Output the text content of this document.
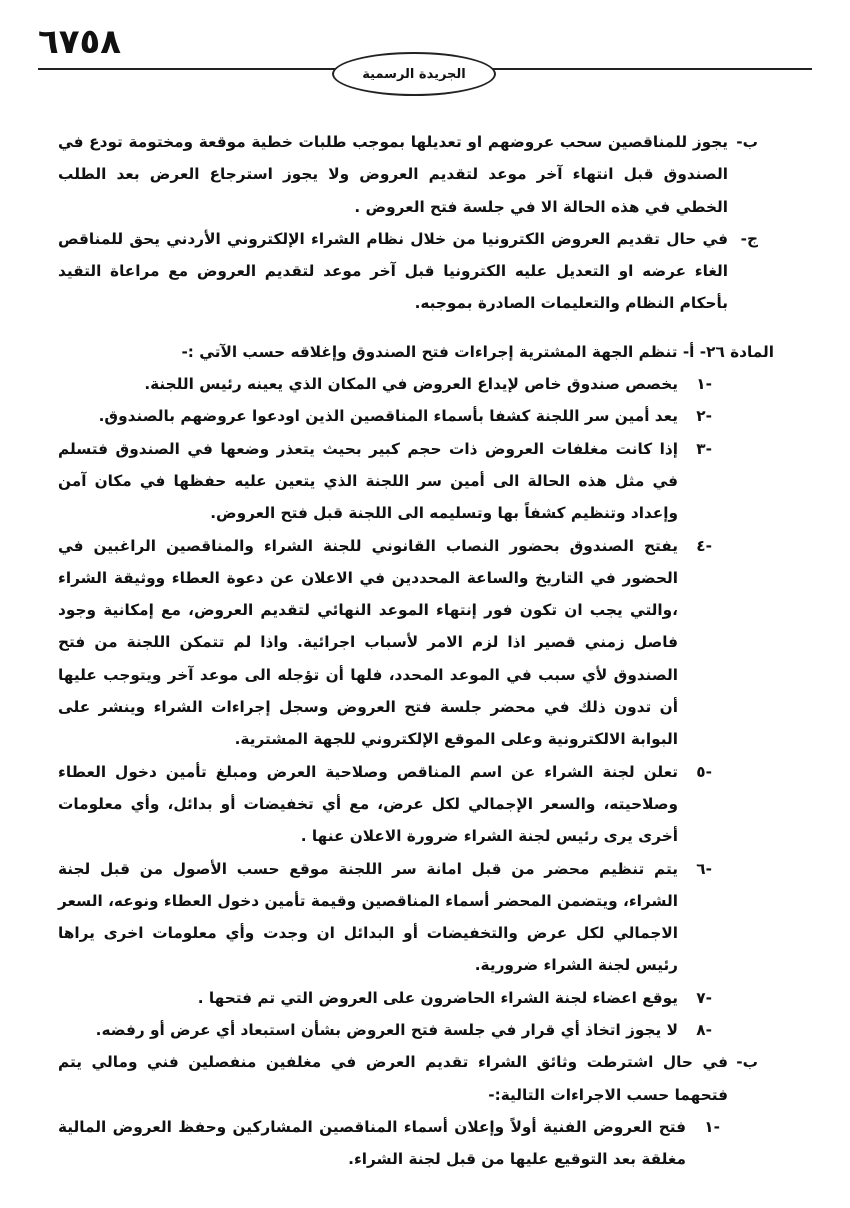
٦٧٥٨
الجريدة الرسمية
ب-
يجوز للمناقصين سحب عروضهم او تعديلها بموجب طلبات خطية موقعة ومختومة تودع في الصندوق قبل انتهاء آخر موعد لتقديم العروض ولا يجوز استرجاع العرض بعد الطلب الخطي في هذه الحالة الا في جلسة فتح العروض .
ج-
في حال تقديم العروض الكترونيا من خلال نظام الشراء الإلكتروني الأردني يحق للمناقص الغاء عرضه او التعديل عليه الكترونيا قبل آخر موعد لتقديم العروض مع مراعاة التقيد بأحكام النظام والتعليمات الصادرة بموجبه.
المادة ٢٦- أ- تنظم الجهة المشترية إجراءات فتح الصندوق وإغلاقه حسب الآتي :-
-١
يخصص صندوق خاص لإيداع العروض في المكان الذي يعينه رئيس اللجنة.
-٢
يعد أمين سر اللجنة كشفا بأسماء المناقصين الذين اودعوا عروضهم بالصندوق.
-٣
إذا كانت مغلفات العروض ذات حجم كبير بحيث يتعذر وضعها في الصندوق فتسلم في مثل هذه الحالة الى أمين سر اللجنة الذي يتعين عليه حفظها في مكان آمن وإعداد وتنظيم كشفاً بها وتسليمه الى اللجنة قبل فتح العروض.
-٤
يفتح الصندوق بحضور النصاب القانوني للجنة الشراء والمناقصين الراغبين في الحضور في التاريخ والساعة المحددين في الاعلان عن دعوة العطاء ووثيقة الشراء ،والتي يجب ان تكون فور إنتهاء الموعد النهائي لتقديم العروض، مع إمكانية وجود فاصل زمني قصير اذا لزم الامر لأسباب اجرائية. واذا لم تتمكن اللجنة من فتح الصندوق لأي سبب في الموعد المحدد، فلها أن تؤجله الى موعد آخر ويتوجب عليها أن تدون ذلك في محضر جلسة فتح العروض وسجل إجراءات الشراء وينشر على البوابة الالكترونية وعلى الموقع الإلكتروني للجهة المشترية.
-٥
تعلن لجنة الشراء عن اسم المناقص وصلاحية العرض ومبلغ تأمين دخول العطاء وصلاحيته، والسعر الإجمالي لكل عرض، مع أي تخفيضات أو بدائل، وأي معلومات أخرى يرى رئيس لجنة الشراء ضرورة الاعلان عنها .
-٦
يتم تنظيم محضر من قبل امانة سر اللجنة موقع حسب الأصول من قبل لجنة الشراء، ويتضمن المحضر أسماء المناقصين وقيمة تأمين دخول العطاء ونوعه، السعر الاجمالي لكل عرض والتخفيضات أو البدائل ان وجدت وأي معلومات اخرى يراها رئيس لجنة الشراء ضرورية.
-٧
يوقع اعضاء لجنة الشراء الحاضرون على العروض التي تم فتحها .
-٨
لا يجوز اتخاذ أي قرار في جلسة فتح العروض بشأن استبعاد أي عرض أو رفضه.
ب-
في حال اشترطت وثائق الشراء تقديم العرض في مغلفين منفصلين فني ومالي يتم فتحهما حسب الاجراءات التالية:-
-١
فتح العروض الفنية أولاً وإعلان أسماء المناقصين المشاركين وحفظ العروض المالية مغلقة بعد التوقيع عليها من قبل لجنة الشراء.
